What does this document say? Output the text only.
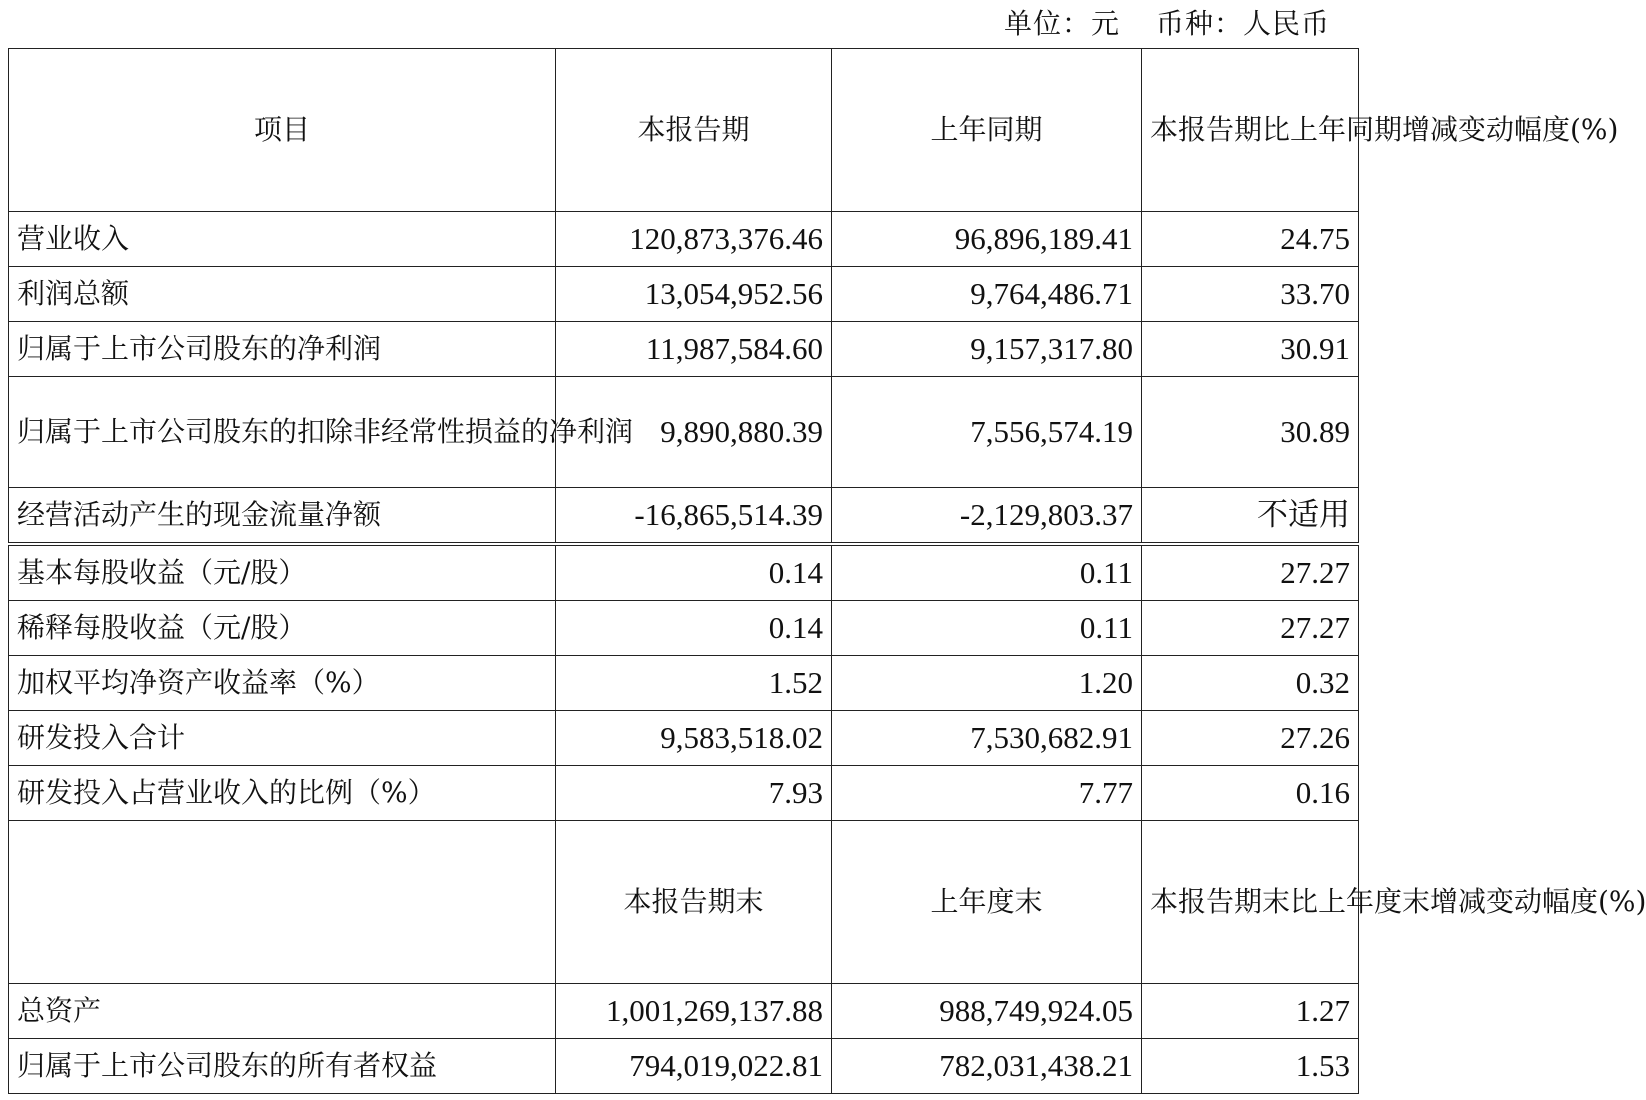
单位：元 币种：人民币
项目	本报告期	上年同期	本报告期比上年同期增减变动幅度(%)
营业收入	120,873,376.46	96,896,189.41	24.75
利润总额	13,054,952.56	9,764,486.71	33.70
归属于上市公司股东的净利润	11,987,584.60	9,157,317.80	30.91
归属于上市公司股东的扣除非经常性损益的净利润	9,890,880.39	7,556,574.19	30.89
经营活动产生的现金流量净额	-16,865,514.39	-2,129,803.37	不适用
基本每股收益（元/股）	0.14	0.11	27.27
稀释每股收益（元/股）	0.14	0.11	27.27
加权平均净资产收益率（%）	1.52	1.20	0.32
研发投入合计	9,583,518.02	7,530,682.91	27.26
研发投入占营业收入的比例（%）	7.93	7.77	0.16
	本报告期末	上年度末	本报告期末比上年度末增减变动幅度(%)
总资产	1,001,269,137.88	988,749,924.05	1.27
归属于上市公司股东的所有者权益	794,019,022.81	782,031,438.21	1.53
